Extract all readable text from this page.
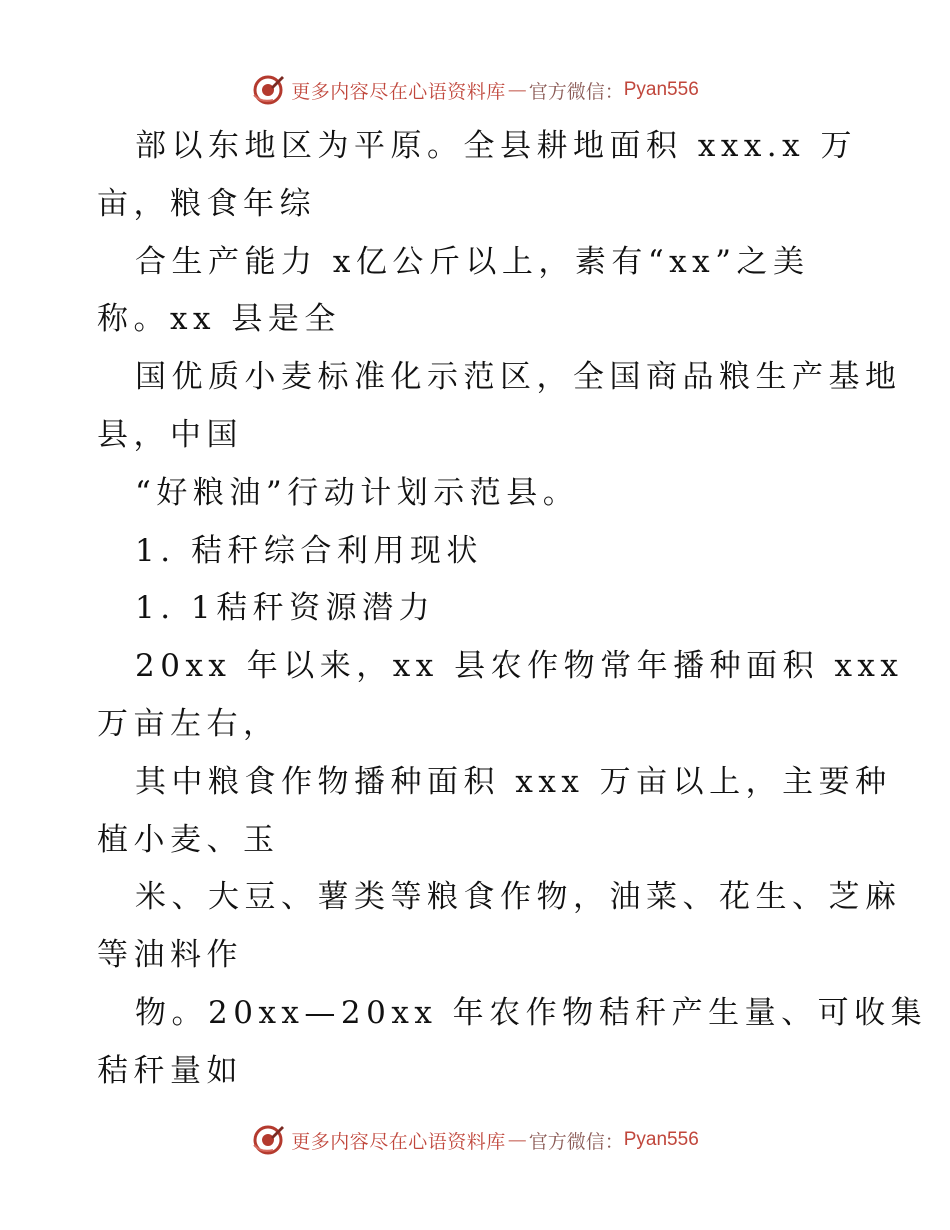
更多内容尽在心语资料库 — 官方微信： Pyan556
部以东地区为平原。全县耕地面积 xxx.x 万
亩，粮食年综
合生产能力 x亿公斤以上，素有“xx”之美
称。xx 县是全
国优质小麦标准化示范区，全国商品粮生产基地
县，中国
“好粮油”行动计划示范县。
1. 秸秆综合利用现状
1. 1秸秆资源潜力
20xx 年以来，xx 县农作物常年播种面积 xxx
万亩左右，
其中粮食作物播种面积 xxx 万亩以上，主要种
植小麦、玉
米、大豆、薯类等粮食作物，油菜、花生、芝麻
等油料作
物。20xx—20xx 年农作物秸秆产生量、可收集
秸秆量如
更多内容尽在心语资料库 — 官方微信： Pyan556
